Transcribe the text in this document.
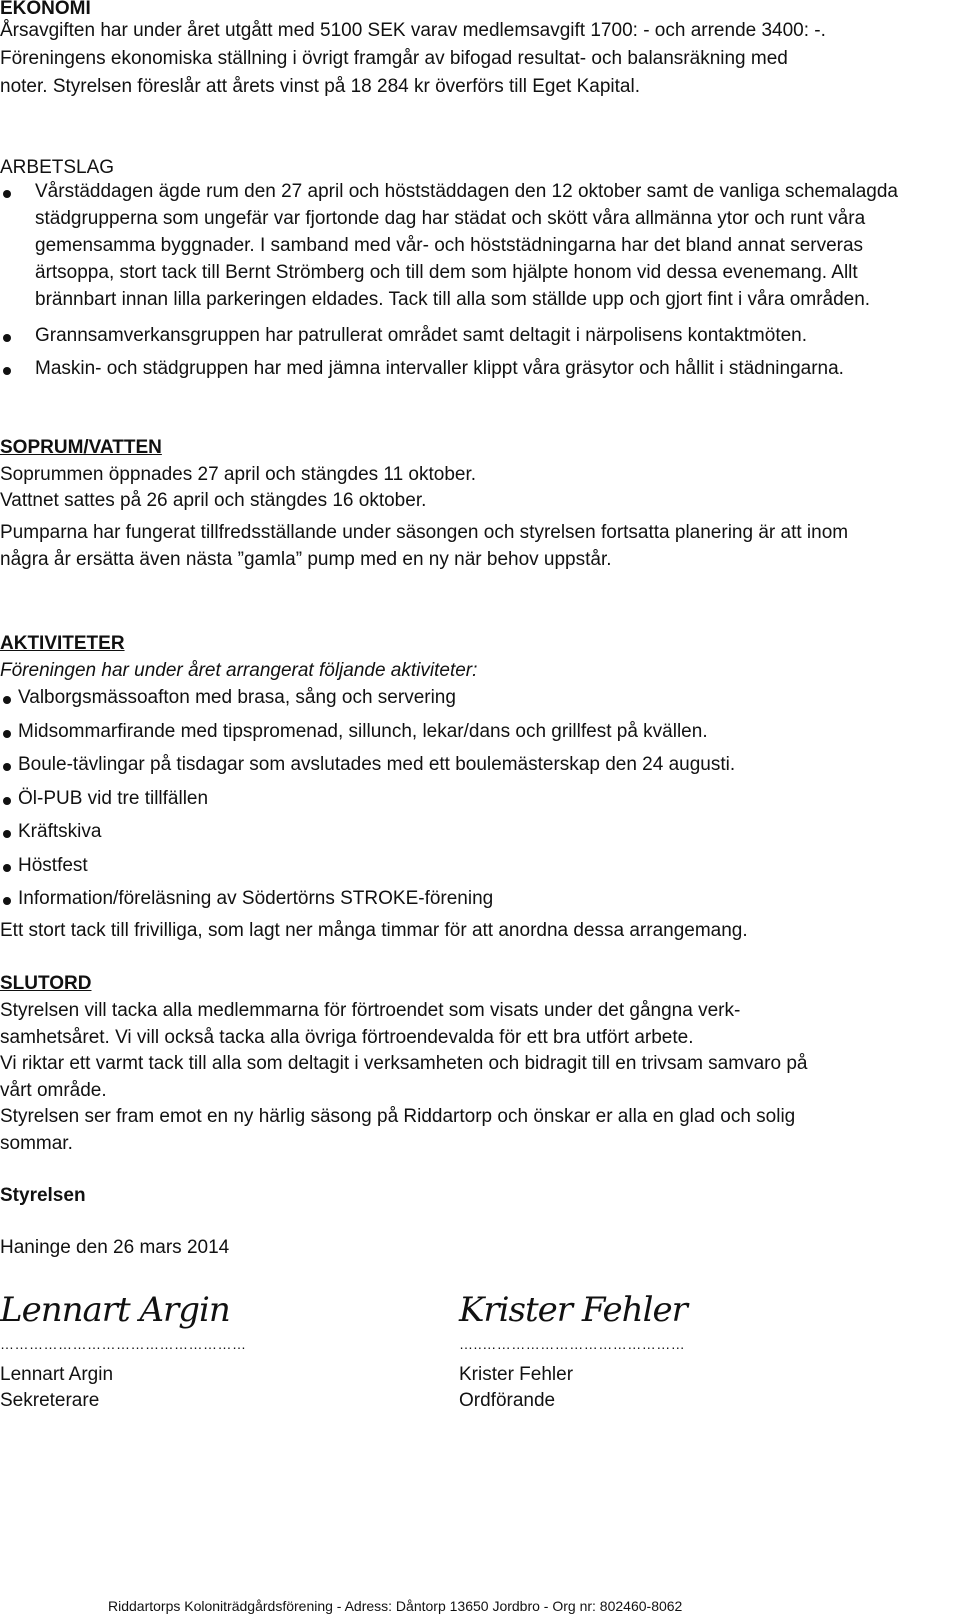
EKONOMI
Årsavgiften har under året utgått med 5100 SEK varav medlemsavgift 1700: - och arrende 3400: -.
Föreningens ekonomiska ställning i övrigt framgår av bifogad resultat- och balansräkning med
noter. Styrelsen föreslår att årets vinst på 18 284 kr överförs till Eget Kapital.
ARBETSLAG
Vårstäddagen ägde rum den 27 april och höststäddagen den 12 oktober samt de vanliga schemalagda
städgrupperna som ungefär var fjortonde dag har städat och skött våra allmänna ytor och runt våra
gemensamma byggnader. I samband med vår- och höststädningarna har det bland annat serveras
ärtsoppa, stort tack till Bernt Strömberg och till dem som hjälpte honom vid dessa evenemang. Allt
brännbart innan lilla parkeringen eldades. Tack till alla som ställde upp och gjort fint i våra områden.
Grannsamverkansgruppen har patrullerat området samt deltagit i närpolisens kontaktmöten.
Maskin- och städgruppen har med jämna intervaller klippt våra gräsytor och hållit i städningarna.
SOPRUM/VATTEN
Soprummen öppnades 27 april och stängdes 11 oktober.
Vattnet sattes på 26 april och stängdes 16 oktober.
Pumparna har fungerat tillfredsställande under säsongen och styrelsen fortsatta planering är att inom
några år ersätta även nästa ”gamla” pump med en ny när behov uppstår.
AKTIVITETER
Föreningen har under året arrangerat följande aktiviteter:
Valborgsmässoafton med brasa, sång och servering
Midsommarfirande med tipspromenad, sillunch, lekar/dans och grillfest på kvällen.
Boule-tävlingar på tisdagar som avslutades med ett boulemästerskap den 24 augusti.
Öl-PUB vid tre tillfällen
Kräftskiva
Höstfest
Information/föreläsning av Södertörns STROKE-förening
Ett stort tack till frivilliga, som lagt ner många timmar för att anordna dessa arrangemang.
SLUTORD
Styrelsen vill tacka alla medlemmarna för förtroendet som visats under det gångna verk-
samhetsåret. Vi vill också tacka alla övriga förtroendevalda för ett bra utfört arbete.
Vi riktar ett varmt tack till alla som deltagit i verksamheten och bidragit till en trivsam samvaro på
vårt område.
Styrelsen ser fram emot en ny härlig säsong på Riddartorp och önskar er alla en glad och solig
sommar.
Styrelsen
Haninge den 26 mars 2014
Lennart Argin
……………………………………………
Lennart Argin
Sekreterare
Krister Fehler
…..……………………………………
Krister Fehler
Ordförande
Riddartorps Koloniträdgårdsförening - Adress: Dåntorp 13650 Jordbro - Org nr: 802460-8062
